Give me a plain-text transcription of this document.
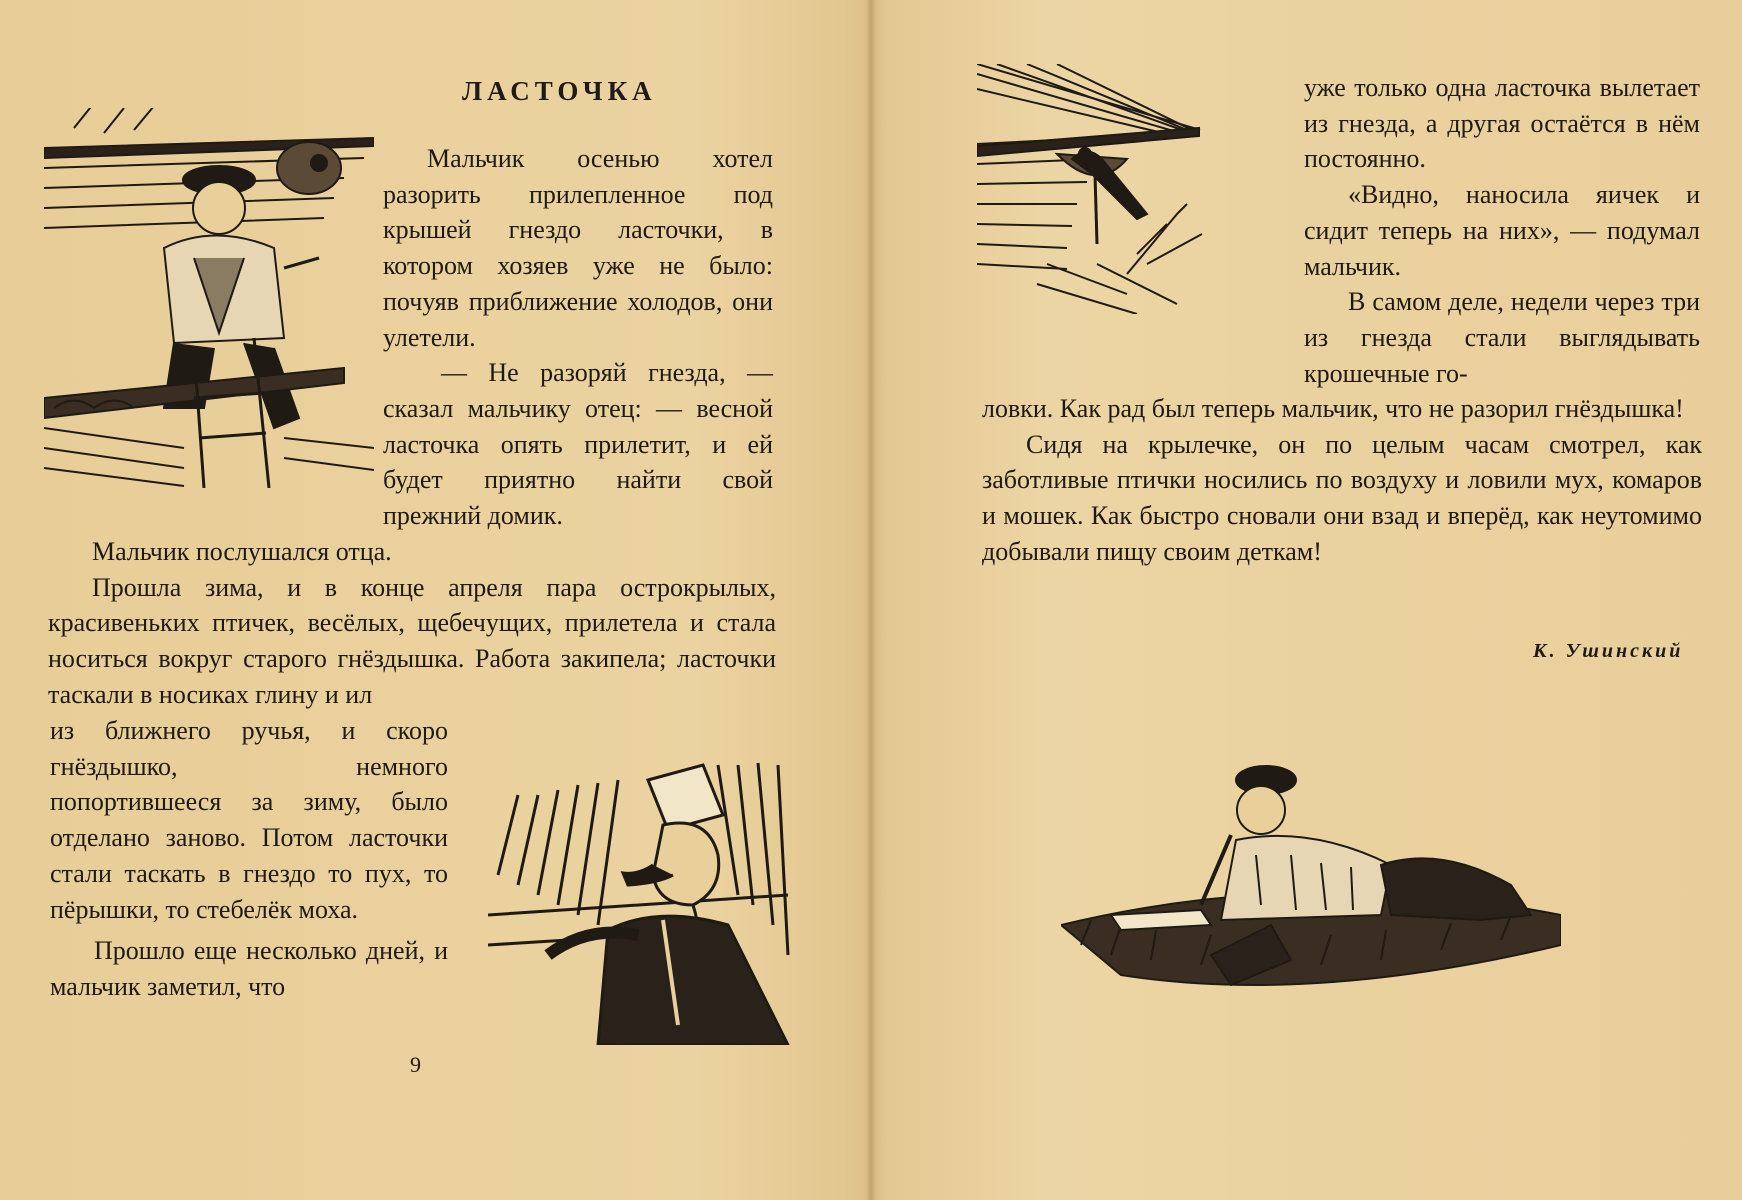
ЛАСТОЧКА

Мальчик осенью хотел разорить прилепленное под крышей гнездо ласточки, в котором хозяев уже не было: почуяв приближение холодов, они улетели.

— Не разоряй гнезда, — сказал мальчику отец: — весной ласточка опять прилетит, и ей будет приятно найти свой прежний домик.

Мальчик послушался отца.

Прошла зима, и в конце апреля пара острокрылых, красивеньких птичек, весёлых, щебечущих, прилетела и стала носиться вокруг старого гнёздышка. Работа закипела; ласточки таскали в носиках глину и ил

из ближнего ручья, и скоро гнёздышко, немного попортившееся за зиму, было отделано заново. Потом ласточки стали таскать в гнездо то пух, то пёрышки, то стебелёк моха.

Прошло еще несколько дней, и мальчик заметил, что

9

уже только одна ласточка вылетает из гнезда, а другая остаётся в нём постоянно.

«Видно, наносила яичек и сидит теперь на них», — подумал мальчик.

В самом деле, недели через три из гнезда стали выглядывать крошечные го-

ловки. Как рад был теперь мальчик, что не разорил гнёздышка!

Сидя на крылечке, он по целым часам смотрел, как заботливые птички носились по воздуху и ловили мух, комаров и мошек. Как быстро сновали они взад и вперёд, как неутомимо добывали пищу своим деткам!

К. Ушинский
